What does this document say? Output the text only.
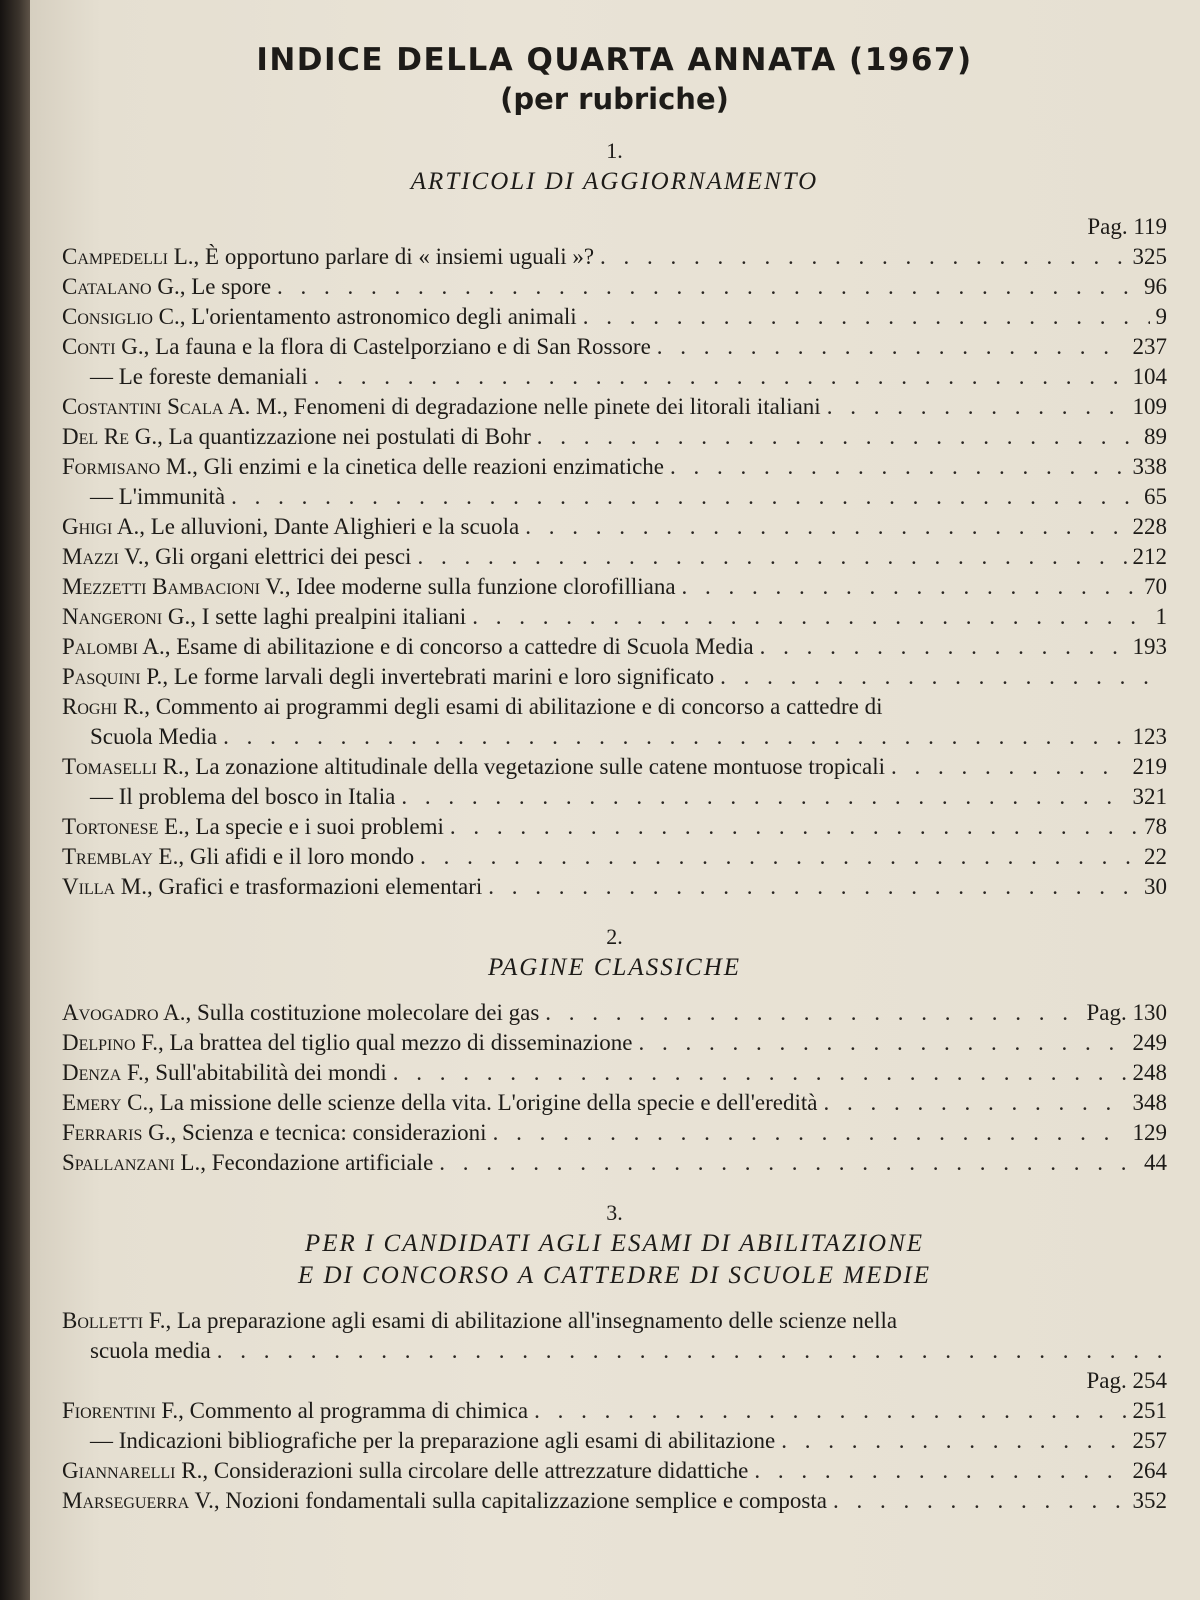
INDICE DELLA QUARTA ANNATA (1967)
(per rubriche)
1.
ARTICOLI DI AGGIORNAMENTO
Pag. 119
Campedelli L. , È opportuno parlare di « insiemi uguali »? . . .	325
Catalano G. , Le spore . . .	96
Consiglio C. , L'orientamento astronomico degli animali . . .	9
Conti G. , La fauna e la flora di Castelporziano e di San Rossore . . .	237
— Le foreste demaniali . . .	104
Costantini Scala A. M. , Fenomeni di degradazione nelle pinete dei litorali italiani . . .	109
Del Re G. , La quantizzazione nei postulati di Bohr . . .	89
Formisano M. , Gli enzimi e la cinetica delle reazioni enzimatiche . . .	338
— L'immunità . . .	65
Ghigi A. , Le alluvioni, Dante Alighieri e la scuola . . .	228
Mazzi V. , Gli organi elettrici dei pesci . . .	212
Mezzetti Bambacioni V. , Idee moderne sulla funzione clorofilliana . . .	70
Nangeroni G. , I sette laghi prealpini italiani . . .	1
Palombi A. , Esame di abilitazione e di concorso a cattedre di Scuola Media . . .	193
Pasquini P. , Le forme larvali degli invertebrati marini e loro significato
. . .
Roghi R., Commento ai programmi degli esami di abilitazione e di concorso a cattedre di
Scuola Media . . .	123
Tomaselli R. , La zonazione altitudinale della vegetazione sulle catene montuose tropicali . . .	219
— Il problema del bosco in Italia . . .	321
Tortonese E. , La specie e i suoi problemi . . .	78
Tremblay E. , Gli afidi e il loro mondo . . .	22
Villa M. , Grafici e trasformazioni elementari . . .	30
2.
PAGINE CLASSICHE
Avogadro A. , Sulla costituzione molecolare dei gas . . .	Pag. 130
Delpino F. , La brattea del tiglio qual mezzo di disseminazione . . .	249
Denza F. , Sull'abitabilità dei mondi . . .	248
Emery C. , La missione delle scienze della vita. L'origine della specie e dell'eredità . . .	348
Ferraris G. , Scienza e tecnica: considerazioni . . .	129
Spallanzani L. , Fecondazione artificiale . . .	44
3.
PER I CANDIDATI AGLI ESAMI DI ABILITAZIONE
E DI CONCORSO A CATTEDRE DI SCUOLE MEDIE
Bolletti F., La preparazione agli esami di abilitazione all'insegnamento delle scienze nella
scuola media
. . .
Pag. 254
Fiorentini F. , Commento al programma di chimica . . .	251
— Indicazioni bibliografiche per la preparazione agli esami di abilitazione . . .	257
Giannarelli R. , Considerazioni sulla circolare delle attrezzature didattiche . . .	264
Marseguerra V. , Nozioni fondamentali sulla capitalizzazione semplice e composta . . .	352
